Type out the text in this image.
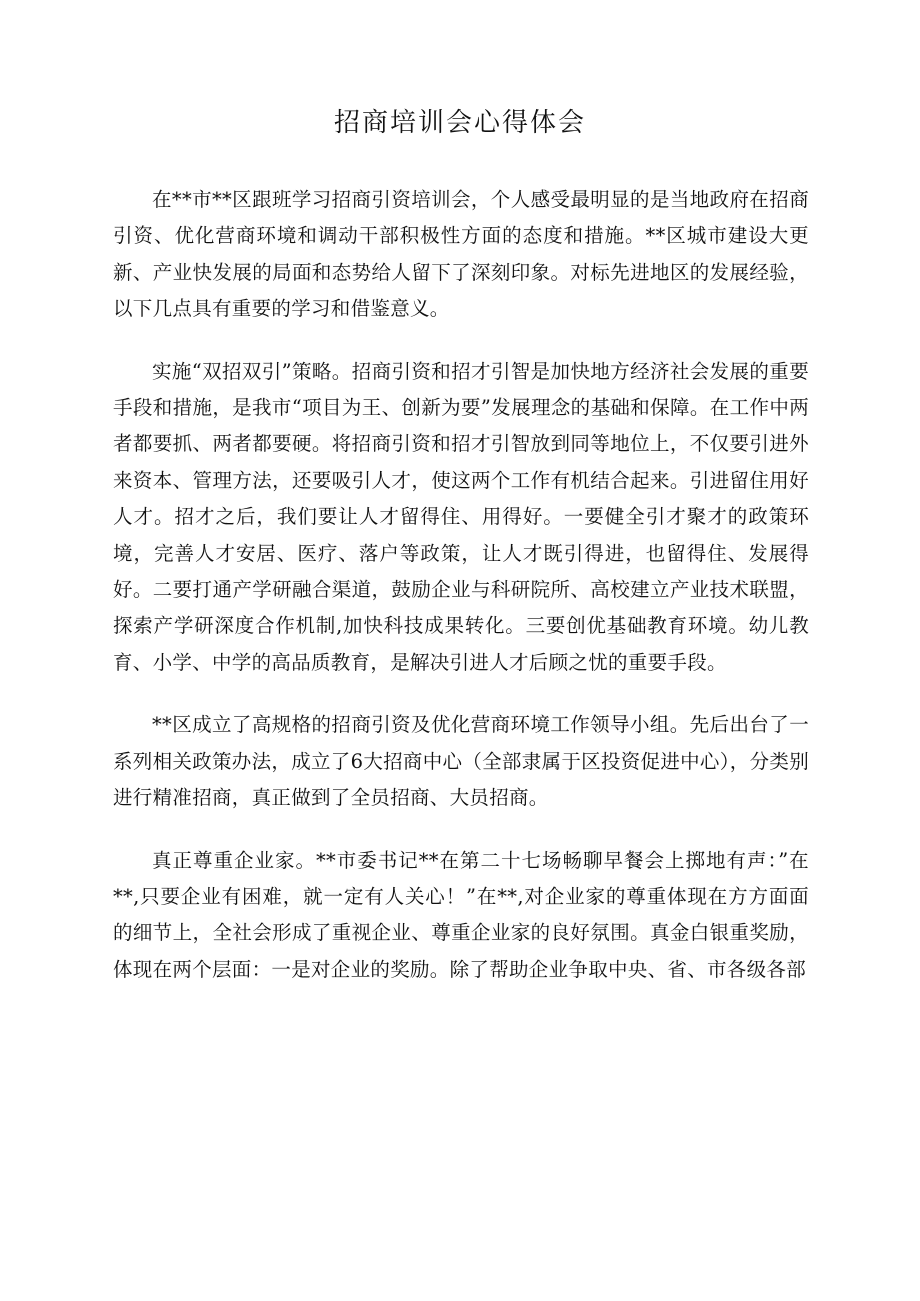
招商培训会心得体会

在**市**区跟班学习招商引资培训会，个人感受最明显的是当地政府在招商引资、优化营商环境和调动干部积极性方面的态度和措施。**区城市建设大更新、产业快发展的局面和态势给人留下了深刻印象。对标先进地区的发展经验，以下几点具有重要的学习和借鉴意义。

实施“双招双引”策略。招商引资和招才引智是加快地方经济社会发展的重要手段和措施，是我市“项目为王、创新为要”发展理念的基础和保障。在工作中两者都要抓、两者都要硬。将招商引资和招才引智放到同等地位上，不仅要引进外来资本、管理方法，还要吸引人才，使这两个工作有机结合起来。引进留住用好人才。招才之后，我们要让人才留得住、用得好。一要健全引才聚才的政策环境，完善人才安居、医疗、落户等政策，让人才既引得进，也留得住、发展得好。二要打通产学研融合渠道，鼓励企业与科研院所、高校建立产业技术联盟，探索产学研深度合作机制,加快科技成果转化。三要创优基础教育环境。幼儿教育、小学、中学的高品质教育，是解决引进人才后顾之忧的重要手段。

**区成立了高规格的招商引资及优化营商环境工作领导小组。先后出台了一系列相关政策办法，成立了6大招商中心（全部隶属于区投资促进中心），分类别进行精准招商，真正做到了全员招商、大员招商。

真正尊重企业家。**市委书记**在第二十七场畅聊早餐会上掷地有声：”在**,只要企业有困难，就一定有人关心！”在**,对企业家的尊重体现在方方面面的细节上，全社会形成了重视企业、尊重企业家的良好氛围。真金白银重奖励，体现在两个层面：一是对企业的奖励。除了帮助企业争取中央、省、市各级各部
